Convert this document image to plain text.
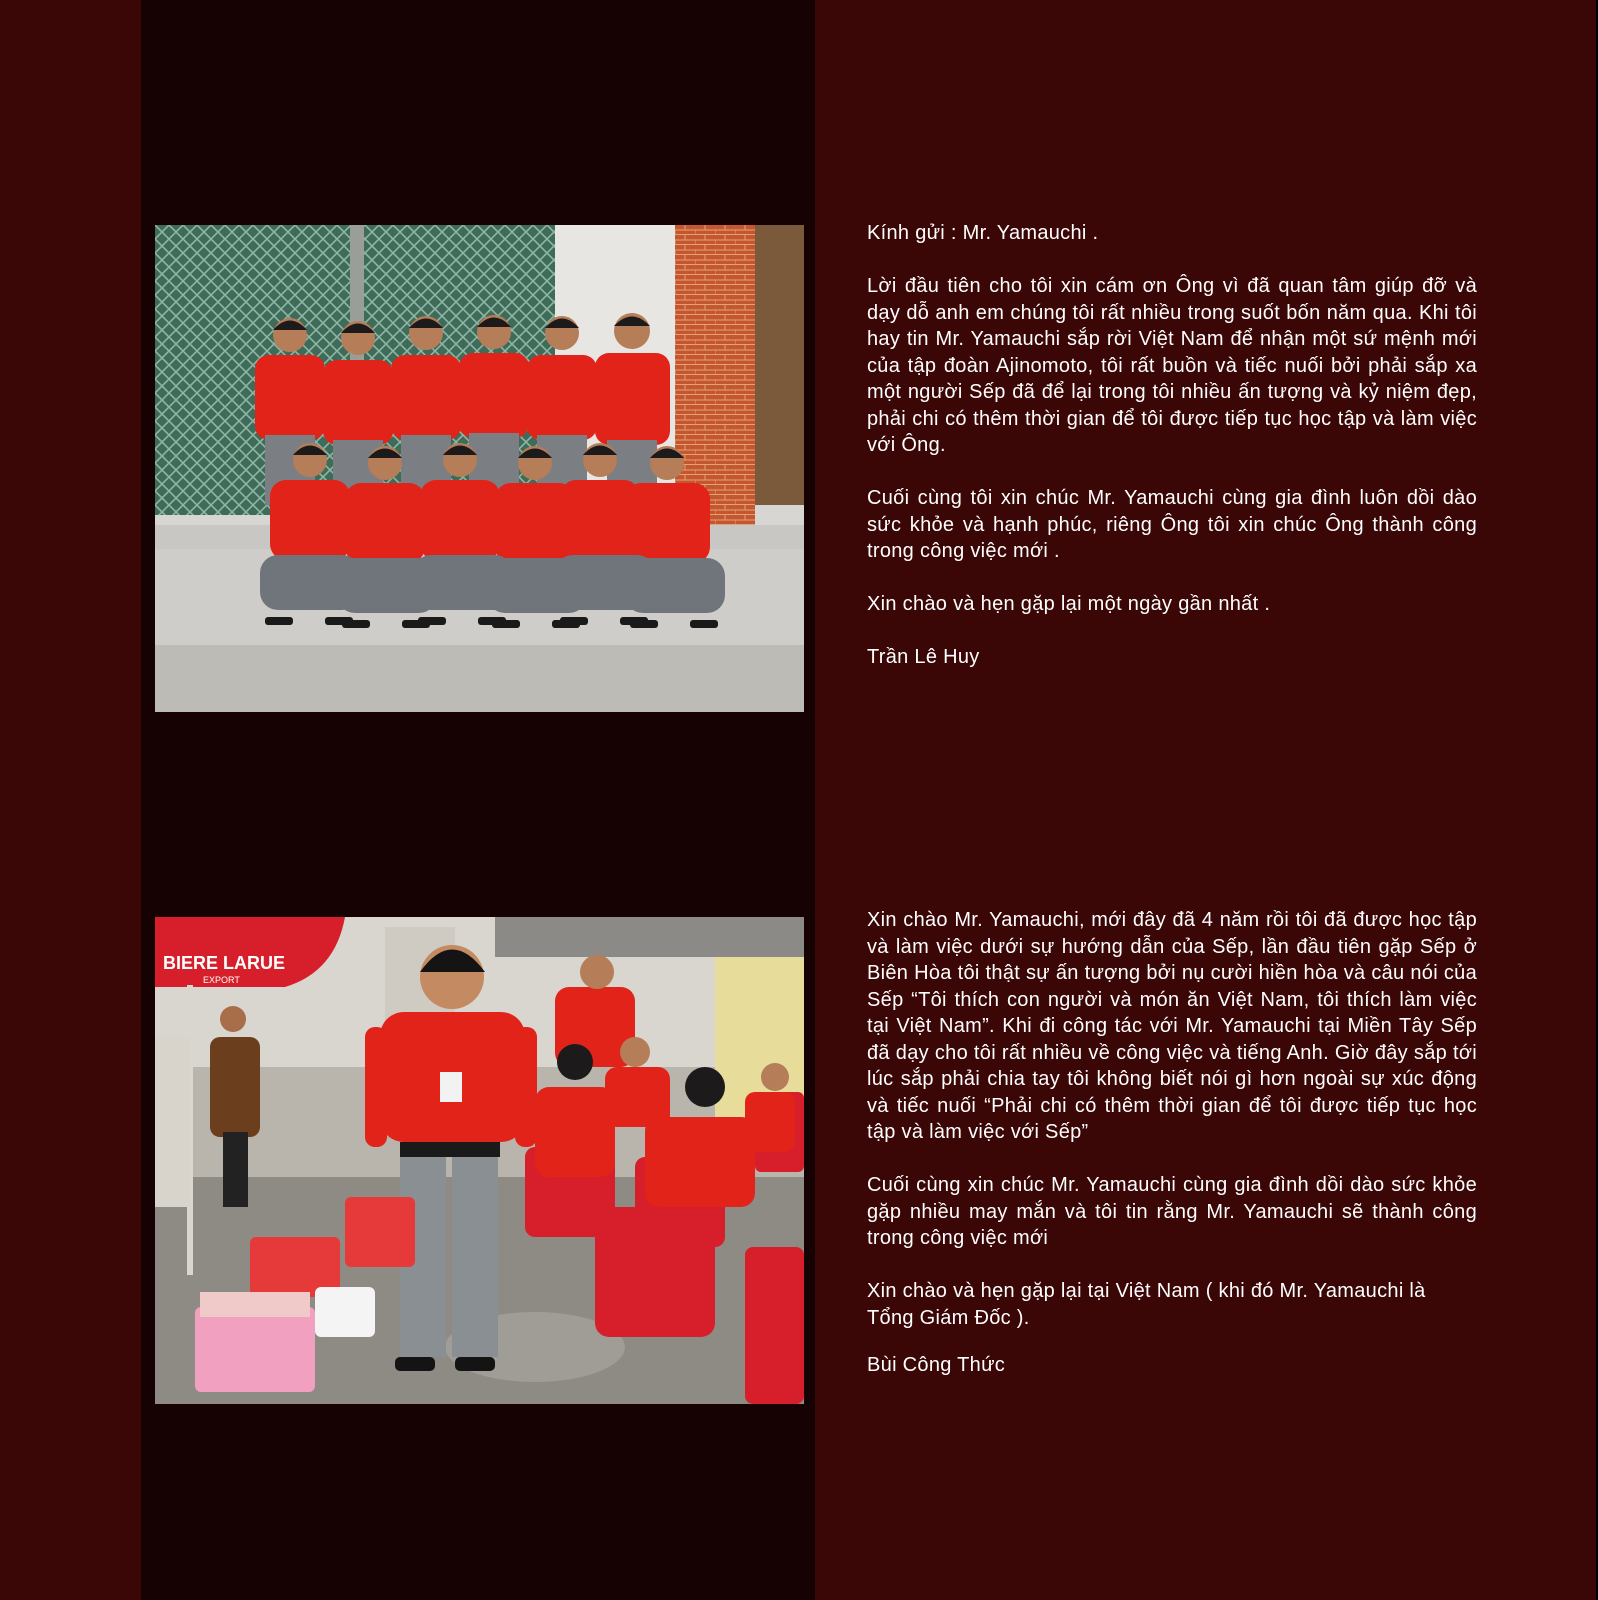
BIERE LARUE
EXPORT

Kính gửi : Mr. Yamauchi .

Lời đầu tiên cho tôi xin cám ơn Ông vì đã quan tâm giúp đỡ và dạy dỗ anh em chúng tôi rất nhiều trong suốt bốn năm qua. Khi tôi hay tin Mr. Yamauchi sắp rời Việt Nam để nhận một sứ mệnh mới của tập đoàn Ajinomoto, tôi rất buồn và tiếc nuối bởi phải sắp xa một người Sếp đã để lại trong tôi nhiều ấn tượng và kỷ niệm đẹp, phải chi có thêm thời gian để tôi được tiếp tục học tập và làm việc với Ông.

Cuối cùng tôi xin chúc Mr. Yamauchi cùng gia đình luôn dồi dào sức khỏe và hạnh phúc, riêng Ông tôi xin chúc Ông thành công trong công việc mới .

Xin chào và hẹn gặp lại một ngày gần nhất .

Trần Lê Huy

Xin chào Mr. Yamauchi, mới đây đã 4 năm rồi tôi đã được học tập và làm việc dưới sự hướng dẫn của Sếp, lần đầu tiên gặp Sếp ở Biên Hòa tôi thật sự ấn tượng bởi nụ cười hiền hòa và câu nói của Sếp “Tôi thích con người và món ăn Việt Nam, tôi thích làm việc tại Việt Nam”. Khi đi công tác với Mr. Yamauchi tại Miền Tây Sếp đã dạy cho tôi rất nhiều về công việc và tiếng Anh. Giờ đây sắp tới lúc sắp phải chia tay tôi không biết nói gì hơn ngoài sự xúc động và tiếc nuối “Phải chi có thêm thời gian để tôi được tiếp tục học tập và làm việc với Sếp”

Cuối cùng xin chúc Mr. Yamauchi cùng gia đình dồi dào sức khỏe gặp nhiều may mắn và tôi tin rằng Mr. Yamauchi sẽ thành công trong công việc mới

Xin chào và hẹn gặp lại tại Việt Nam ( khi đó Mr. Yamauchi là Tổng Giám Đốc ).

Bùi Công Thức
